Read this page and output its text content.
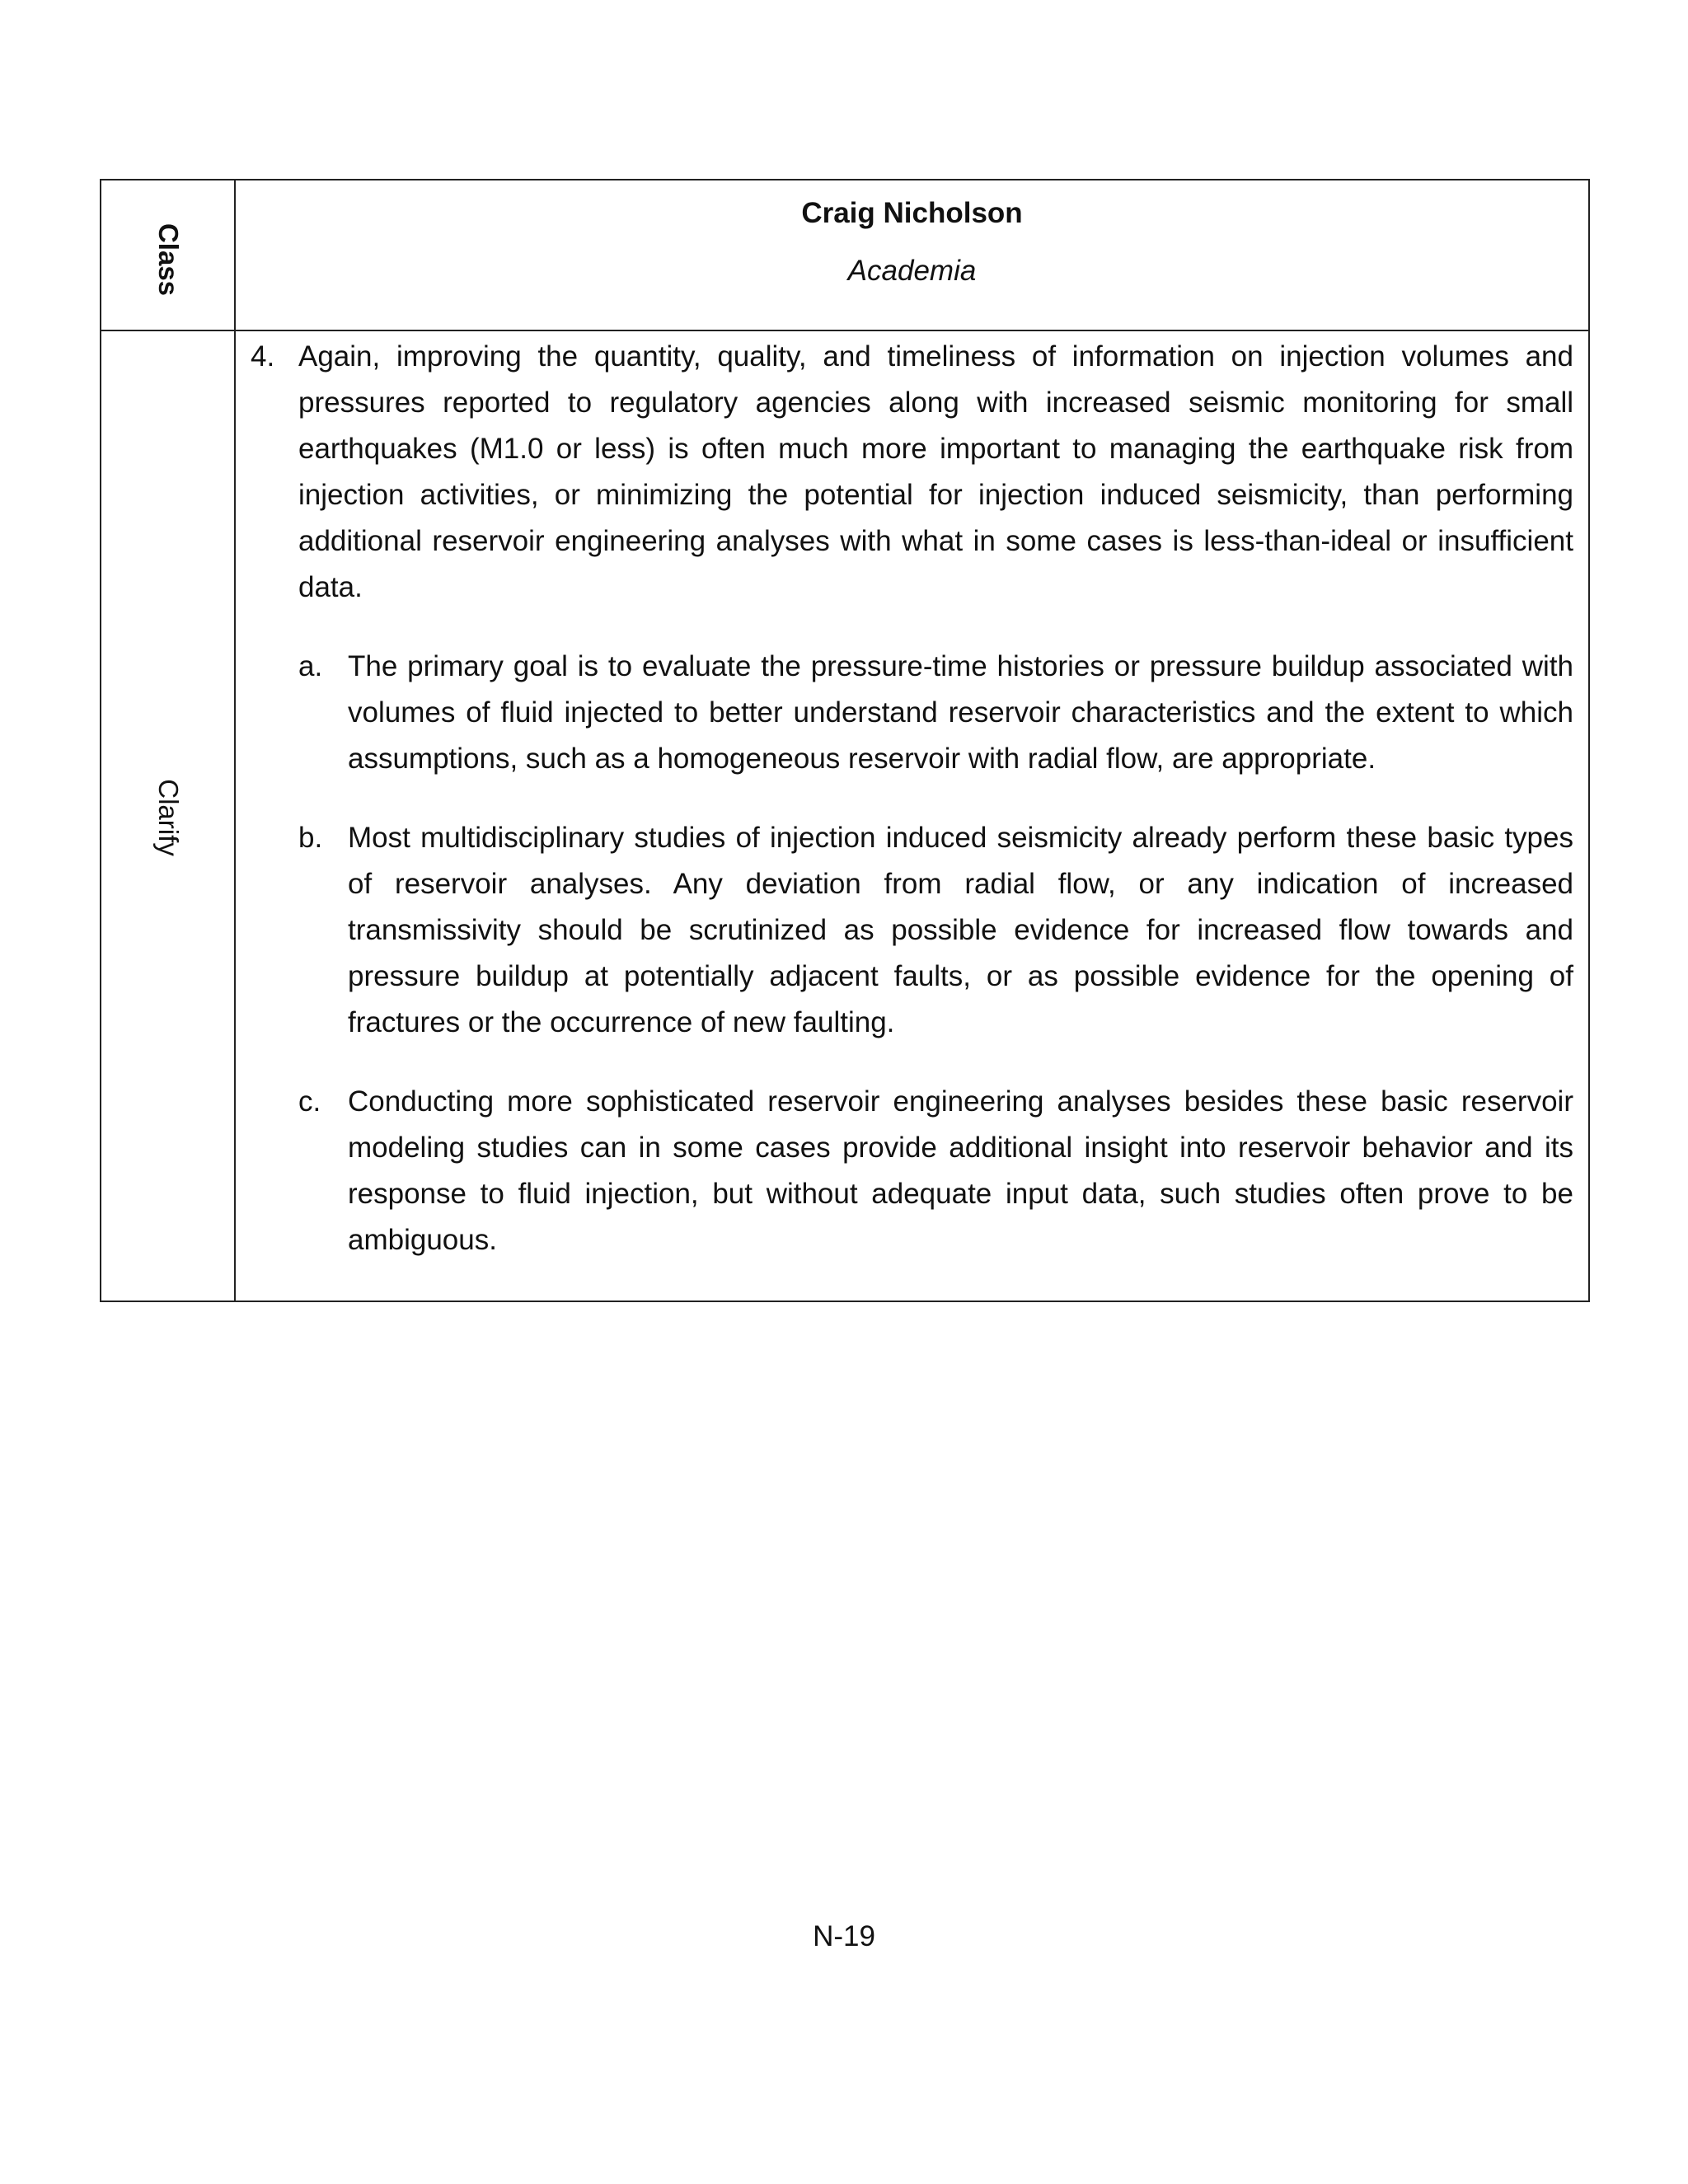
Class
Craig Nicholson
Academia
Clarify
4. Again, improving the quantity, quality, and timeliness of information on injection volumes and pressures reported to regulatory agencies along with increased seismic monitoring for small earthquakes (M1.0 or less) is often much more important to managing the earthquake risk from injection activities, or minimizing the potential for injection induced seismicity, than performing additional reservoir engineering analyses with what in some cases is less-than-ideal or insufficient data.
a. The primary goal is to evaluate the pressure-time histories or pressure buildup associated with volumes of fluid injected to better understand reservoir characteristics and the extent to which assumptions, such as a homogeneous reservoir with radial flow, are appropriate.
b. Most multidisciplinary studies of injection induced seismicity already perform these basic types of reservoir analyses. Any deviation from radial flow, or any indication of increased transmissivity should be scrutinized as possible evidence for increased flow towards and pressure buildup at potentially adjacent faults, or as possible evidence for the opening of fractures or the occurrence of new faulting.
c. Conducting more sophisticated reservoir engineering analyses besides these basic reservoir modeling studies can in some cases provide additional insight into reservoir behavior and its response to fluid injection, but without adequate input data, such studies often prove to be ambiguous.
N-19
